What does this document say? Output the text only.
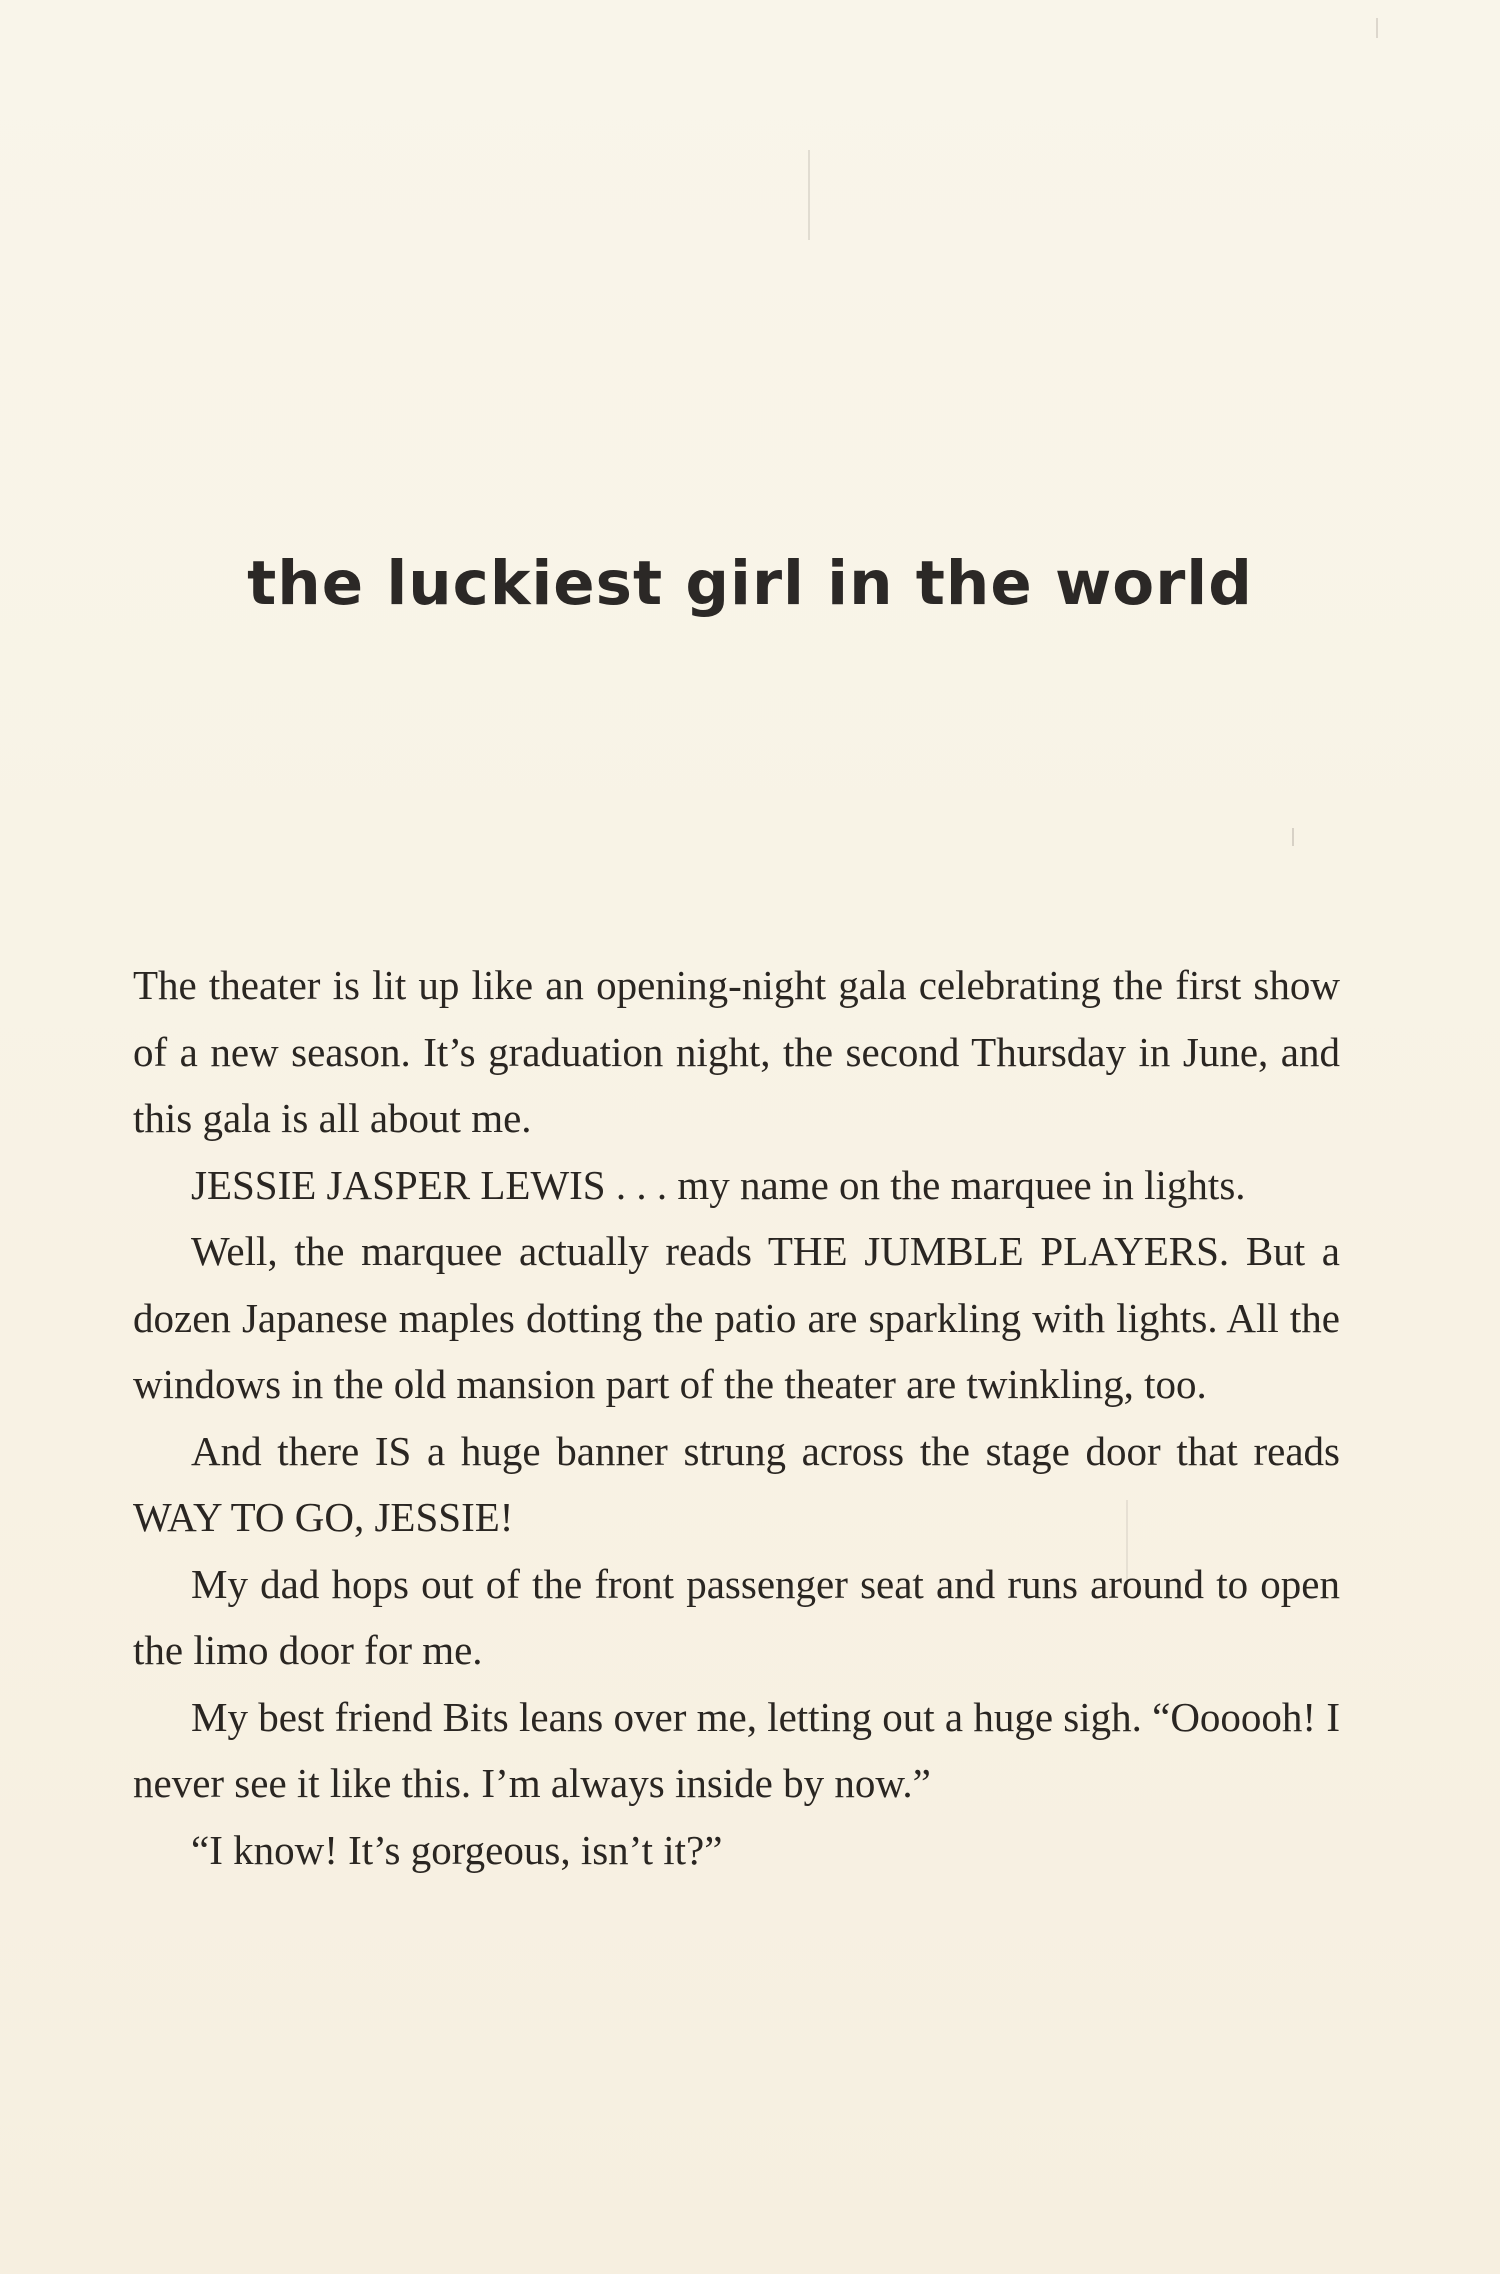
the luckiest girl in the world

The theater is lit up like an opening-night gala celebrating the first show of a new season. It’s graduation night, the second Thursday in June, and this gala is all about me.

JESSIE JASPER LEWIS . . . my name on the marquee in lights.

Well, the marquee actually reads THE JUMBLE PLAYERS. But a dozen Japanese maples dotting the patio are sparkling with lights. All the windows in the old mansion part of the theater are twinkling, too.

And there IS a huge banner strung across the stage door that reads WAY TO GO, JESSIE!

My dad hops out of the front passenger seat and runs around to open the limo door for me.

My best friend Bits leans over me, letting out a huge sigh. “Oooooh! I never see it like this. I’m always inside by now.”

“I know! It’s gorgeous, isn’t it?”
